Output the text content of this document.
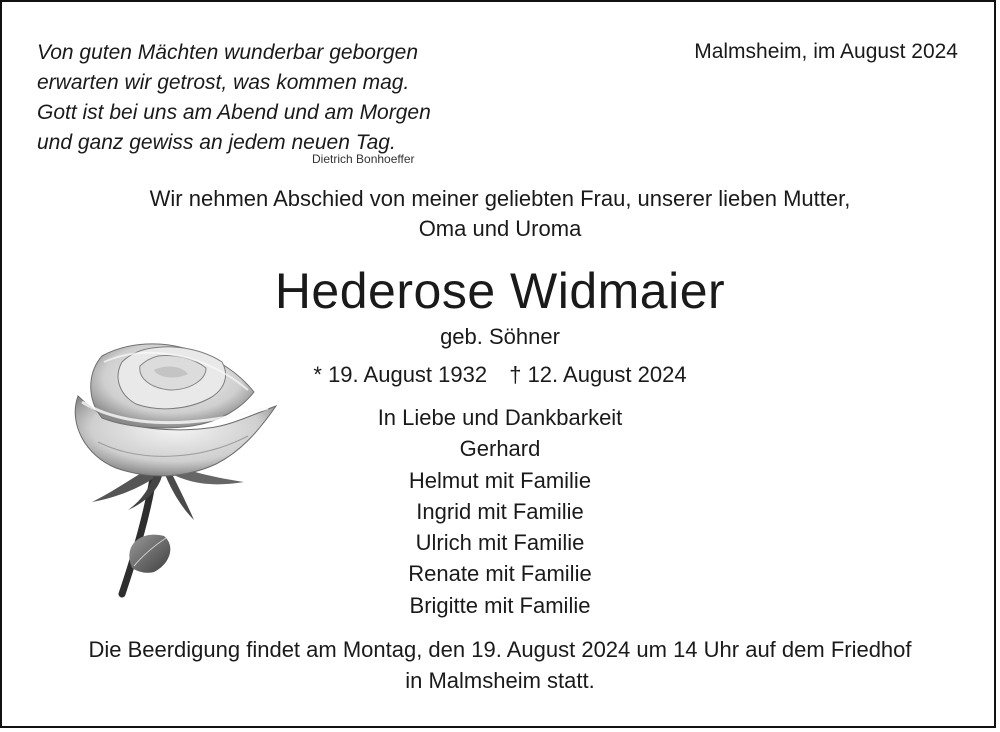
Von guten Mächten wunderbar geborgen
erwarten wir getrost, was kommen mag.
Gott ist bei uns am Abend und am Morgen
und ganz gewiss an jedem neuen Tag.
Dietrich Bonhoeffer
Malmsheim, im August 2024
Wir nehmen Abschied von meiner geliebten Frau, unserer lieben Mutter,
Oma und Uroma
Hederose Widmaier
geb. Söhner
* 19. August 1932 † 12. August 2024
In Liebe und Dankbarkeit
Gerhard
Helmut mit Familie
Ingrid mit Familie
Ulrich mit Familie
Renate mit Familie
Brigitte mit Familie
Die Beerdigung findet am Montag, den 19. August 2024 um 14 Uhr auf dem Friedhof
in Malmsheim statt.
